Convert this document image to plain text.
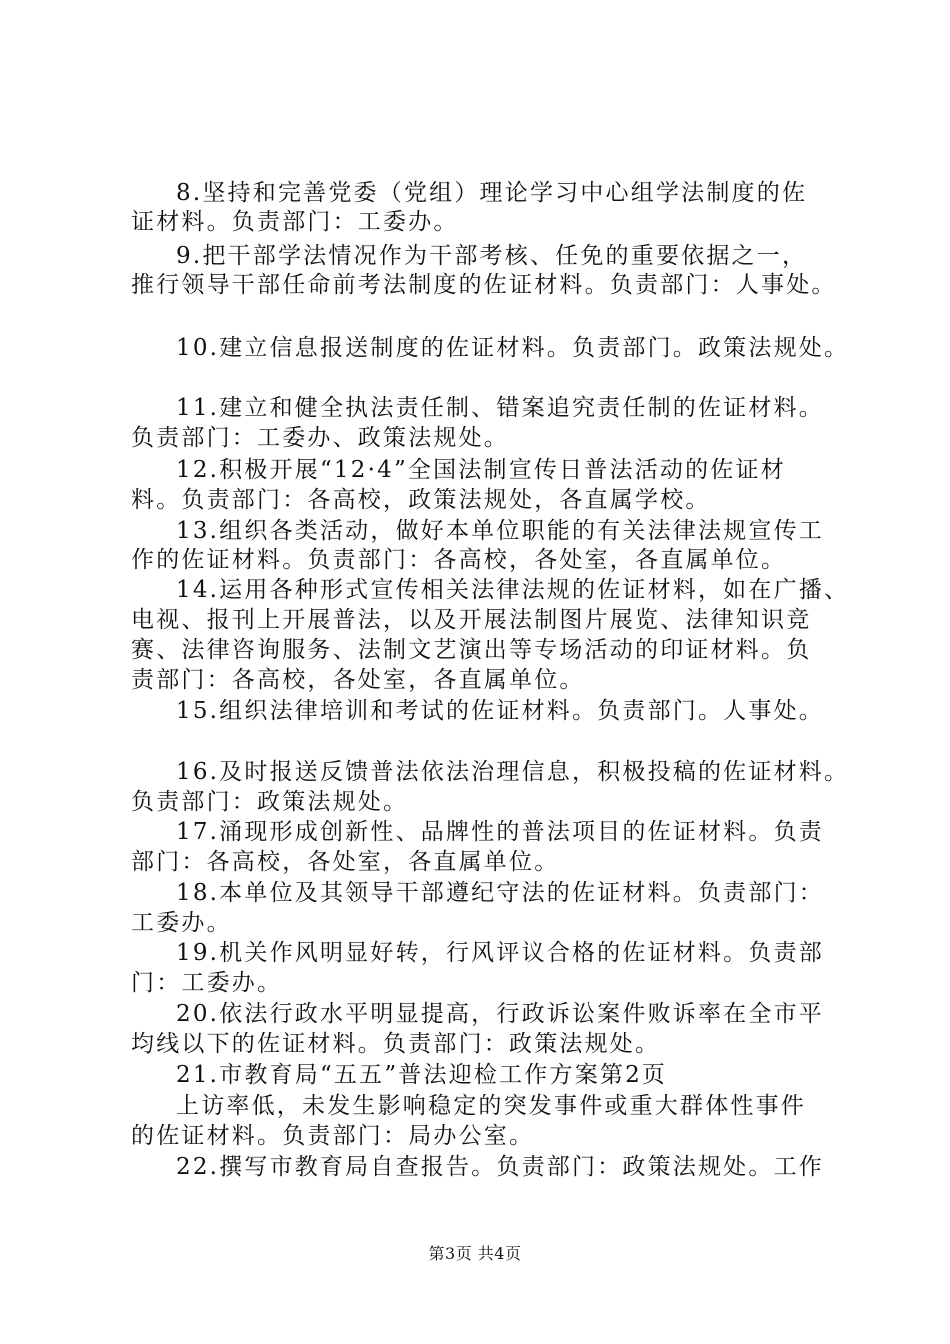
8.坚持和完善党委（党组）理论学习中心组学法制度的佐
证材料。负责部门：工委办。
9.把干部学法情况作为干部考核、任免的重要依据之一，
推行领导干部任命前考法制度的佐证材料。负责部门：人事处。
10.建立信息报送制度的佐证材料。负责部门。政策法规处。
11.建立和健全执法责任制、错案追究责任制的佐证材料。
负责部门：工委办、政策法规处。
12.积极开展“12·4”全国法制宣传日普法活动的佐证材
料。负责部门：各高校，政策法规处，各直属学校。
13.组织各类活动，做好本单位职能的有关法律法规宣传工
作的佐证材料。负责部门：各高校，各处室，各直属单位。
14.运用各种形式宣传相关法律法规的佐证材料，如在广播、
电视、报刊上开展普法，以及开展法制图片展览、法律知识竞
赛、法律咨询服务、法制文艺演出等专场活动的印证材料。负
责部门：各高校，各处室，各直属单位。
15.组织法律培训和考试的佐证材料。负责部门。人事处。
16.及时报送反馈普法依法治理信息，积极投稿的佐证材料。
负责部门：政策法规处。
17.涌现形成创新性、品牌性的普法项目的佐证材料。负责
部门：各高校，各处室，各直属单位。
18.本单位及其领导干部遵纪守法的佐证材料。负责部门：
工委办。
19.机关作风明显好转，行风评议合格的佐证材料。负责部
门：工委办。
20.依法行政水平明显提高，行政诉讼案件败诉率在全市平
均线以下的佐证材料。负责部门：政策法规处。
21.市教育局“五五”普法迎检工作方案第2页
上访率低，未发生影响稳定的突发事件或重大群体性事件
的佐证材料。负责部门：局办公室。
22.撰写市教育局自查报告。负责部门：政策法规处。工作
第3页 共4页
